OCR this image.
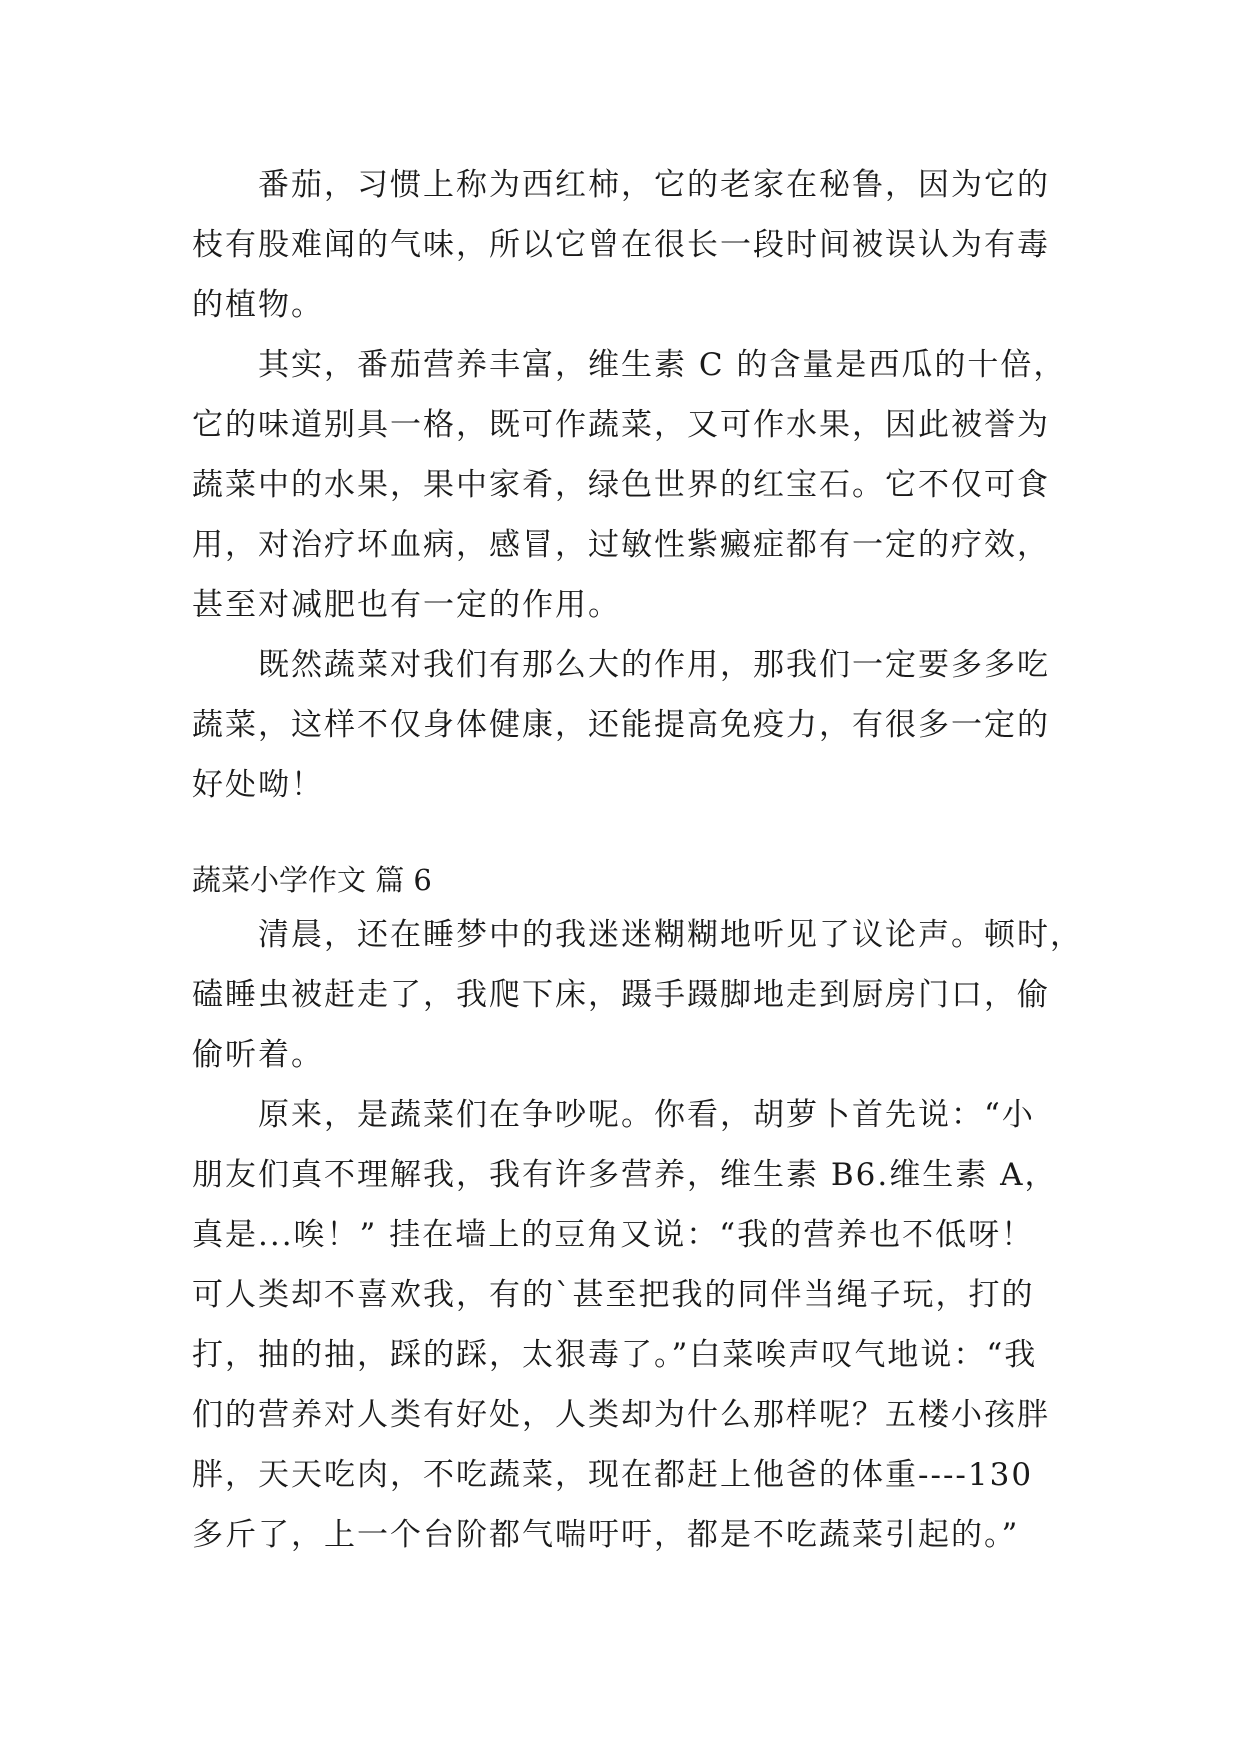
番茄，习惯上称为西红柿，它的老家在秘鲁，因为它的
枝有股难闻的气味，所以它曾在很长一段时间被误认为有毒
的植物。
其实，番茄营养丰富，维生素 C 的含量是西瓜的十倍，
它的味道别具一格，既可作蔬菜，又可作水果，因此被誉为
蔬菜中的水果，果中家肴，绿色世界的红宝石。它不仅可食
用，对治疗坏血病，感冒，过敏性紫癜症都有一定的疗效，
甚至对减肥也有一定的作用。
既然蔬菜对我们有那么大的作用，那我们一定要多多吃
蔬菜，这样不仅身体健康，还能提高免疫力，有很多一定的
好处呦！
蔬菜小学作文 篇 6
清晨，还在睡梦中的我迷迷糊糊地听见了议论声。顿时，
磕睡虫被赶走了，我爬下床，蹑手蹑脚地走到厨房门口，偷
偷听着。
原来，是蔬菜们在争吵呢。你看，胡萝卜首先说：“小
朋友们真不理解我，我有许多营养，维生素 B6.维生素 A，
真是...唉！” 挂在墙上的豆角又说：“我的营养也不低呀！
可人类却不喜欢我，有的`甚至把我的同伴当绳子玩，打的
打，抽的抽，踩的踩，太狠毒了。”白菜唉声叹气地说：“我
们的营养对人类有好处，人类却为什么那样呢？五楼小孩胖
胖，天天吃肉，不吃蔬菜，现在都赶上他爸的体重----130
多斤了，上一个台阶都气喘吁吁，都是不吃蔬菜引起的。”
